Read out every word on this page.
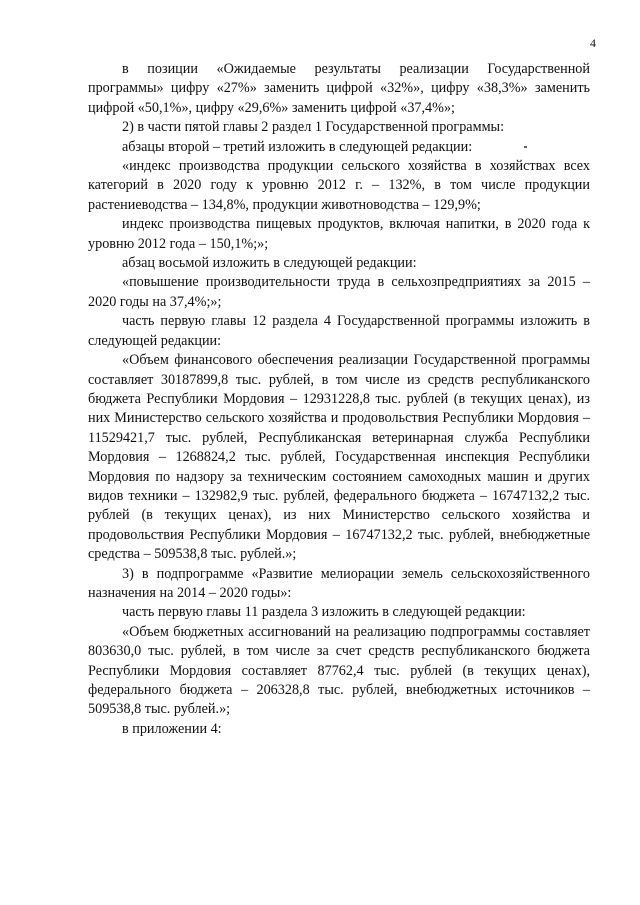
4

в позиции «Ожидаемые результаты реализации Государственной программы» цифру «27%» заменить цифрой «32%», цифру «38,3%» заменить цифрой «50,1%», цифру «29,6%» заменить цифрой «37,4%»;

2) в части пятой главы 2 раздел 1 Государственной программы:

абзацы второй – третий изложить в следующей редакции:

«индекс производства продукции сельского хозяйства в хозяйствах всех категорий в 2020 году к уровню 2012 г. – 132%, в том числе продукции растениеводства – 134,8%, продукции животноводства – 129,9%;

индекс производства пищевых продуктов, включая напитки, в 2020 года к уровню 2012 года – 150,1%;»;

абзац восьмой изложить в следующей редакции:

«повышение производительности труда в сельхозпредприятиях за 2015 – 2020 годы на 37,4%;»;

часть первую главы 12 раздела 4 Государственной программы изложить в следующей редакции:

«Объем финансового обеспечения реализации Государственной программы составляет 30187899,8 тыс. рублей, в том числе из средств республиканского бюджета Республики Мордовия – 12931228,8 тыс. рублей (в текущих ценах), из них Министерство сельского хозяйства и продовольствия Республики Мордовия – 11529421,7 тыс. рублей, Республиканская ветеринарная служба Республики Мордовия – 1268824,2 тыс. рублей, Государственная инспекция Республики Мордовия по надзору за техническим состоянием самоходных машин и других видов техники – 132982,9 тыс. рублей, федерального бюджета – 16747132,2 тыс. рублей (в текущих ценах), из них Министерство сельского хозяйства и продовольствия Республики Мордовия – 16747132,2 тыс. рублей, внебюджетные средства – 509538,8 тыс. рублей.»;

3) в подпрограмме «Развитие мелиорации земель сельскохозяйственного назначения на 2014 – 2020 годы»:

часть первую главы 11 раздела 3 изложить в следующей редакции:

«Объем бюджетных ассигнований на реализацию подпрограммы составляет 803630,0 тыс. рублей, в том числе за счет средств республиканского бюджета Республики Мордовия составляет 87762,4 тыс. рублей (в текущих ценах), федерального бюджета – 206328,8 тыс. рублей, внебюджетных источников – 509538,8 тыс. рублей.»;

в приложении 4:
